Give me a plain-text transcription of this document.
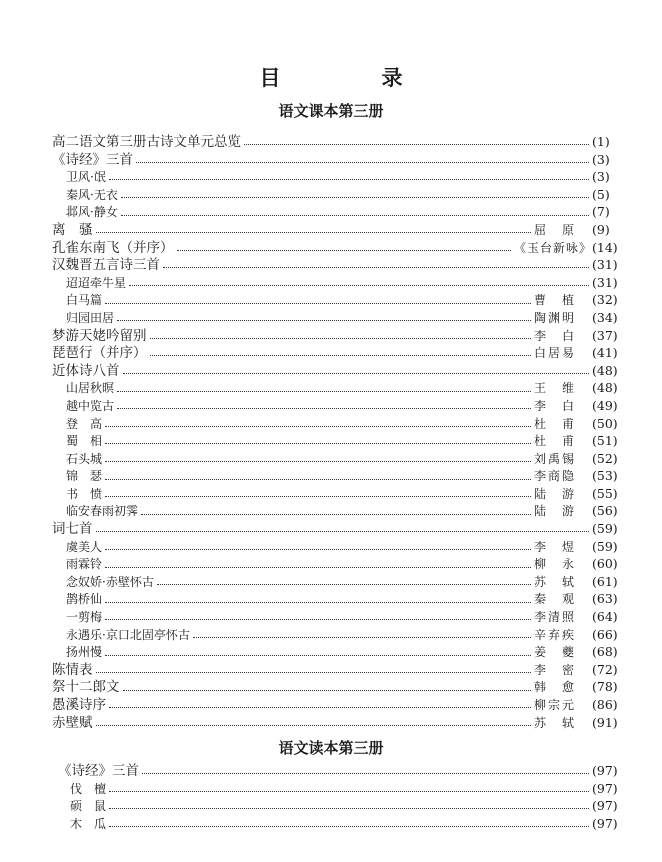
目　录
语文课本第三册
高二语文第三册古诗文单元总览	(1)
《诗经》三首	(3)
卫风·氓	(3)
秦风·无衣	(5)
邶风·静女	(7)
离　骚	屈　原	(9)
孔雀东南飞（并序）	《玉台新咏》 (14)
汉魏晋五言诗三首	(31)
迢迢牵牛星	(31)
白马篇	曹　植	(32)
归园田居	陶渊明	(34)
梦游天姥吟留别	李　白	(37)
琵琶行（并序）	白居易	(41)
近体诗八首	(48)
山居秋暝	王　维	(48)
越中览古	李　白	(49)
登　高	杜　甫	(50)
蜀　相	杜　甫	(51)
石头城	刘禹锡	(52)
锦　瑟	李商隐	(53)
书　愤	陆　游	(55)
临安春雨初霁	陆　游	(56)
词七首	(59)
虞美人	李　煜	(59)
雨霖铃	柳　永	(60)
念奴娇·赤壁怀古	苏　轼	(61)
鹊桥仙	秦　观	(63)
一剪梅	李清照	(64)
永遇乐·京口北固亭怀古	辛弃疾	(66)
扬州慢	姜　夔	(68)
陈情表	李　密	(72)
祭十二郎文	韩　愈	(78)
愚溪诗序	柳宗元	(86)
赤壁赋	苏　轼	(91)
语文读本第三册
《诗经》三首	(97)
伐　檀	(97)
硕　鼠	(97)
木　瓜	(97)
